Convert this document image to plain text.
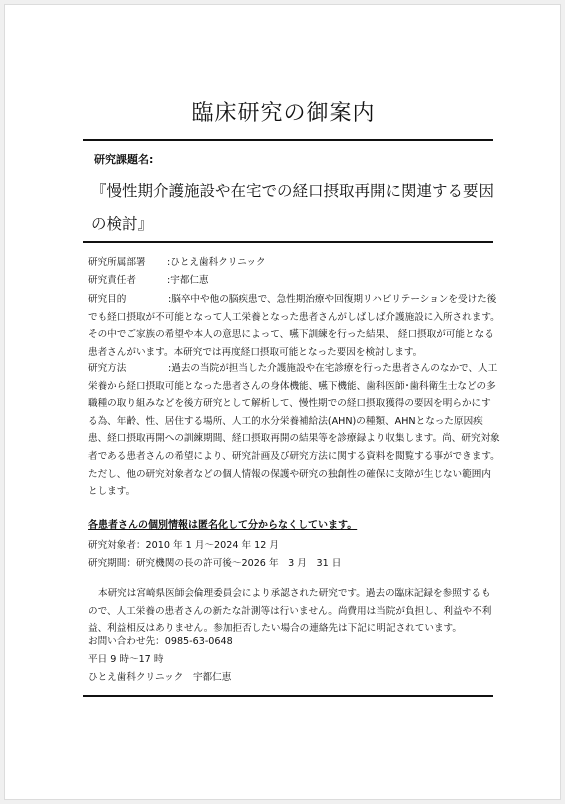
臨床研究の御案内
研究課題名:
『慢性期介護施設や在宅での経口摂取再開に関連する要因の検討』
研究所属部署 :ひとえ歯科クリニック
研究責任者	:宇都仁恵
研究目的	:脳卒中や他の脳疾患で、急性期治療や回復期リハビリテーションを受けた後でも経口摂取が不可能となって人工栄養となった患者さんがしばしば介護施設に入所されます。その中でご家族の希望や本人の意思によって、嚥下訓練を行った結果、 経口摂取が可能となる患者さんがいます。本研究では再度経口摂取可能となった要因を検討します。
研究方法	:過去の当院が担当した介護施設や在宅診療を行った患者さんのなかで、人工栄養から経口摂取可能となった患者さんの身体機能、嚥下機能、歯科医師･歯科衛生士などの多職種の取り組みなどを後方研究として解析して、慢性期での経口摂取獲得の要因を明らかにする為、年齢、性、居住する場所、人工的水分栄養補給法(AHN)の種類、AHNとなった原因疾患、経口摂取再開への訓練期間、経口摂取再開の結果等を診療録より収集します。尚、研究対象者である患者さんの希望により、研究計画及び研究方法に関する資料を閲覧する事ができます。ただし、他の研究対象者などの個人情報の保護や研究の独創性の確保に支障が生じない範囲内とします。
各患者さんの個別情報は匿名化して分からなくしています。
研究対象者：2010 年 1 月～2024 年 12 月
研究期間：研究機関の長の許可後～2026 年　3 月　31 日
本研究は宮崎県医師会倫理委員会により承認された研究です。過去の臨床記録を参照するもので、人工栄養の患者さんの新たな計測等は行いません。尚費用は当院が負担し、利益や不利益、利益相反はありません。参加拒否したい場合の連絡先は下記に明記されています。
お問い合わせ先：0985-63-0648
平日 9 時～17 時
ひとえ歯科クリニック　宇都仁恵
